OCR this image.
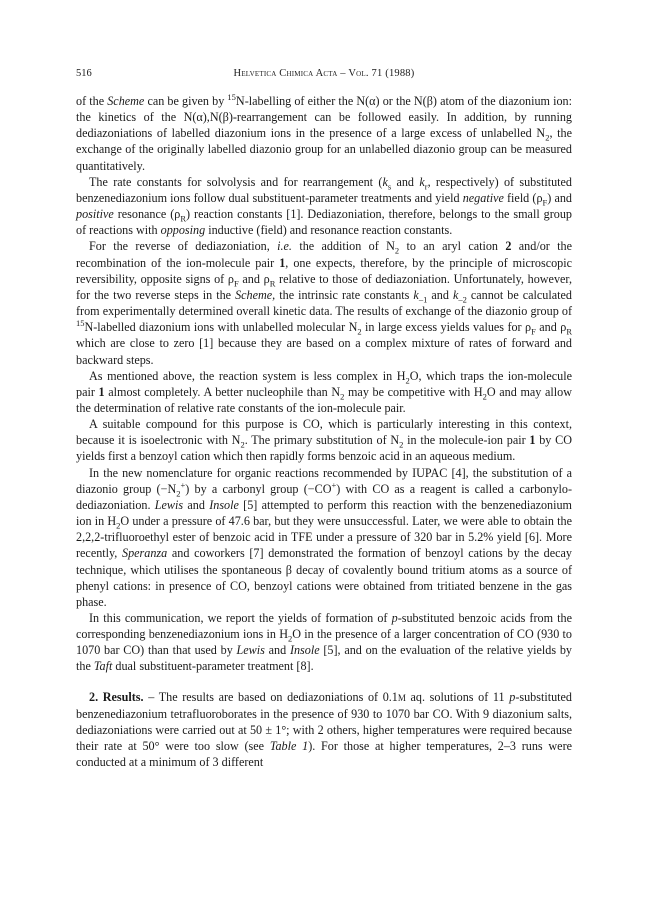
516	Helvetica Chimica Acta – Vol. 71 (1988)

of the Scheme can be given by $^{15}$N-labelling of either the N(α) or the N(β) atom of the diazonium ion: the kinetics of the N(α),N(β)-rearrangement can be followed easily. In addition, by running dediazoniations of labelled diazonium ions in the presence of a large excess of unlabelled $N_2$, the exchange of the originally labelled diazonio group for an unlabelled diazonio group can be measured quantitatively.

The rate constants for solvolysis and for rearrangement ($k_s$ and $k_r$, respectively) of substituted benzenediazonium ions follow dual substituent-parameter treatments and yield negative field $(\rho_F)$ and positive resonance $(\rho_R)$ reaction constants [1]. Dediazoniation, therefore, belongs to the small group of reactions with opposing inductive (field) and resonance reaction constants.

For the reverse of dediazoniation, i.e. the addition of $N_2$ to an aryl cation 2 and/or the recombination of the ion-molecule pair 1, one expects, therefore, by the principle of microscopic reversibility, opposite signs of $\rho_F$ and $\rho_R$ relative to those of dediazoniation. Unfortunately, however, for the two reverse steps in the Scheme, the intrinsic rate constants $k_{-1}$ and $k_{-2}$ cannot be calculated from experimentally determined overall kinetic data. The results of exchange of the diazonio group of $^{15}$N-labelled diazonium ions with unlabelled molecular $N_2$ in large excess yields values for $\rho_F$ and $\rho_R$ which are close to zero [1] because they are based on a complex mixture of rates of forward and backward steps.

As mentioned above, the reaction system is less complex in $H_2O$, which traps the ion-molecule pair 1 almost completely. A better nucleophile than $N_2$ may be competitive with $H_2O$ and may allow the determination of relative rate constants of the ion-molecule pair.

A suitable compound for this purpose is CO, which is particularly interesting in this context, because it is isoelectronic with $N_2$. The primary substitution of $N_2$ in the molecule-ion pair 1 by CO yields first a benzoyl cation which then rapidly forms benzoic acid in an aqueous medium.

In the new nomenclature for organic reactions recommended by IUPAC [4], the substitution of a diazonio group $(-N_2^+)$ by a carbonyl group (−CO+) with CO as a reagent is called a carbonylo-dediazoniation. Lewis and Insole [5] attempted to perform this reaction with the benzenediazonium ion in $H_2O$ under a pressure of 47.6 bar, but they were unsuccessful. Later, we were able to obtain the 2,2,2-trifluoroethyl ester of benzoic acid in TFE under a pressure of 320 bar in 5.2% yield [6]. More recently, Speranza and coworkers [7] demonstrated the formation of benzoyl cations by the decay technique, which utilises the spontaneous β decay of covalently bound tritium atoms as a source of phenyl cations: in presence of CO, benzoyl cations were obtained from tritiated benzene in the gas phase.

In this communication, we report the yields of formation of p-substituted benzoic acids from the corresponding benzenediazonium ions in $H_2O$ in the presence of a larger concentration of CO (930 to 1070 bar CO) than that used by Lewis and Insole [5], and on the evaluation of the relative yields by the Taft dual substituent-parameter treatment [8].

2. Results. – The results are based on dediazoniations of 0.1M aq. solutions of 11 p-substituted benzenediazonium tetrafluoroborates in the presence of 930 to 1070 bar CO. With 9 diazonium salts, dediazoniations were carried out at 50 ± 1°; with 2 others, higher temperatures were required because their rate at 50° were too slow (see Table 1). For those at higher temperatures, 2–3 runs were conducted at a minimum of 3 different
